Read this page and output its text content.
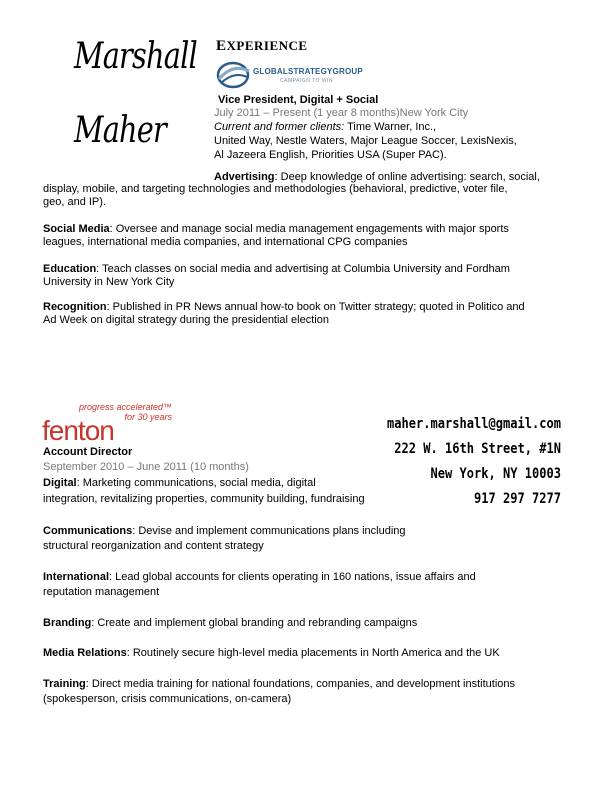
Marshall
Maher
EXPERIENCE
GLOBALSTRATEGYGROUP
CAMPAIGN TO WIN
Vice President, Digital + Social
July 2011 – Present (1 year 8 months)New York City
Current and former clients: Time Warner, Inc.,
United Way, Nestle Waters, Major League Soccer, LexisNexis,
Al Jazeera English, Priorities USA (Super PAC).
Advertising: Deep knowledge of online advertising: search, social,
display, mobile, and targeting technologies and methodologies (behavioral, predictive, voter file,
geo, and IP).
Social Media: Oversee and manage social media management engagements with major sports
leagues, international media companies, and international CPG companies
Education: Teach classes on social media and advertising at Columbia University and Fordham
University in New York City
Recognition: Published in PR News annual how-to book on Twitter strategy; quoted in Politico and
Ad Week on digital strategy during the presidential election
progress accelerated™
for 30 years
fenton
Account Director
September 2010 – June 2011 (10 months)
Digital: Marketing communications, social media, digital
integration, revitalizing properties, community building, fundraising
Communications: Devise and implement communications plans including
structural reorganization and content strategy
International: Lead global accounts for clients operating in 160 nations, issue affairs and
reputation management
Branding: Create and implement global branding and rebranding campaigns
Media Relations: Routinely secure high-level media placements in North America and the UK
Training: Direct media training for national foundations, companies, and development institutions
(spokesperson, crisis communications, on-camera)
maher.marshall@gmail.com
222 W. 16th Street, #1N
New York, NY 10003
917 297 7277
